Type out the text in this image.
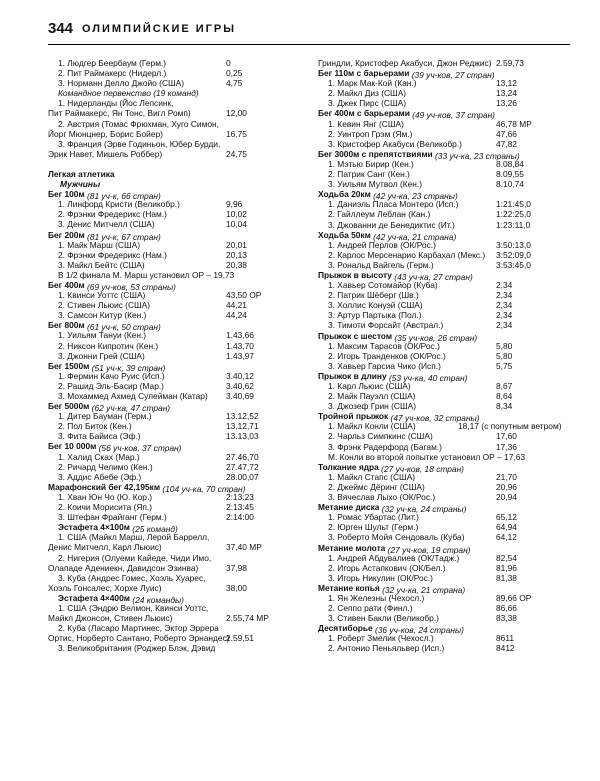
344 ОЛИМПИЙСКИЕ ИГРЫ
1. Людгер Беербаум (Герм.)	0
2. Пит Раймакерс (Нидерл.)	0,25
3. Норманн Делло Джойо (США)	4,75
Командное первенство (19 команд)
1. Нидерланды (Йос Лепсинк,
Пит Раймакерс, Ян Тонс, Вигл Ромп)	12,00
2. Австрия (Томас Фрюхман, Хуго Симон,
Йорг Мюнцнер, Борис Бойер)	16,75
3. Франция (Эрве Годиньон, Юбер Бурди,
Эрик Навет, Мишель Роббер)	24,75
Легкая атлетика
Мужчины
Бег 100м (81 уч-к, 66 стран)
1. Линфорд Кристи (Великобр.)	9,96
2. Фрэнки Фредерикс (Нам.)	10,02
3. Денис Митчелл (США)	10,04
Бег 200м (81 уч-к, 67 стран)
1. Майк Марш (США)	20,01
2. Фрэнки Фредерикс (Нам.)	20,13
3. Майкл Бейтс (США)	20,38
В 1/2 финала М. Марш установил ОР – 19,73
Бег 400м (69 уч-ков, 53 страны)
1. Квинси Уоттс (США)	43,50 ОР
2. Стивен Льюис (США)	44,21
3. Самсон Китур (Кен.)	44,24
Бег 800м (61 уч-к, 50 стран)
1. Уильям Тануи (Кен.)	1.43,66
2. Никсон Кипротич (Кен.)	1.43,70
3. Джонни Грей (США)	1.43,97
Бег 1500м (51 уч-к, 39 стран)
1. Фермин Качо Руис (Исп.)	3.40,12
2. Рашид Эль-Басир (Мар.)	3.40,62
3. Мохаммед Ахмед Сулейман (Катар) 3.40,69
Бег 5000м (62 уч-ка, 47 стран)
1. Дитер Бауман (Герм.)	13.12,52
2. Пол Биток (Кен.)	13.12,71
3. Фита Байиса (Эф.)	13.13,03
Бег 10 000м (56 уч-ков, 37 стран)
1. Халид Сках (Мар.)	27.46,70
2. Ричард Челимо (Кен.)	27.47,72
3. Аддис Абебе (Эф.)	28.00,07
Марафонский бег 42,195км (104 уч-ка, 70 стран)
1. Хван Юн Чо (Ю. Кор.)	2:13:23
2. Коичи Морисита (Яп.)	2:13:45
3. Штефан Фрайганг (Герм.)	2:14:00
Эстафета 4×100м (25 команд)
1. США (Майкл Марш, Лерой Баррелл,
Денис Митчелл, Карл Льюис)	37,40 МР
2. Нигерия (Олуеми Кайеде, Чиди Имо,
Олападе Адениекн, Давидсон Эзинва)	37,98
3. Куба (Андрес Гомес, Хоэль Хуарес,
Хоэль Гонсалес, Хорхе Луис)	38,00
Эстафета 4×400м (24 команды)
1. США (Эндрю Велмон, Квинси Уоттс,
Майкл Джонсон, Стивен Льюис)	2.55,74 МР
2. Куба (Ласаро Мартинес, Эктор Эррера
Ортис, Норберто Сантано, Роберто Эрнандес)
2.59,51
3. Великобритания (Роджер Блэк, Дэвид
Гриндли, Кристофер Акабуси, Джон Реджис) 2.59,73
Бег 110м с барьерами (39 уч-ков, 27 стран)
1. Марк Мак-Кой (Кан.)	13,12
2. Майкл Диз (США)	13,24
3. Джек Пирс (США)	13,26
Бег 400м с барьерами (49 уч-ков, 37 стран)
1. Кевин Янг (США)	46,78 МР
2. Уинтроп Грэм (Ям.)	47,66
3. Кристофер Акабуси (Великобр.)	47,82
Бег 3000м с препятствиями (33 уч-ка, 23 страны)
1. Мэтью Бирир (Кен.)	8.08,84
2. Патрик Санг (Кен.)	8.09,55
3. Уильям Мутвол (Кен.)	8.10,74
Ходьба 20км (42 уч-ка, 23 страны)
1. Даниэль Пласа Монтеро (Исп.)	1:21:45,0
2. Гайллеум Леблан (Кан.)	1:22:25,0
3. Джованни де Бенедиктис (Ит.)	1:23:11,0
Ходьба 50км (42 уч-ка, 21 страна)
1. Андрей Перлов (ОК/Рос.)	3:50:13,0
2. Карлос Мерсенарио Карбахал (Мекс.) 3:52:09,0
3. Рональд Вайгель (Герм.)	3:53:45,0
Прыжок в высоту (43 уч-ка, 27 стран)
1. Хавьер Сотомайор (Куба)	2,34
2. Патрик Шёберг (Шв.)	2,34
3. Холлис Конуэй (США)	2,34
3. Артур Партыка (Пол.)	2,34
3. Тимоти Форсайт (Австрал.)	2,34
Прыжок с шестом (35 уч-ков, 26 стран)
1. Максим Тарасов (ОК/Рос.)	5,80
2. Игорь Транденков (ОК/Рос.)	5,80
3. Хавьер Гарсиа Чико (Исп.)	5,75
Прыжок в длину (53 уч-ка, 40 стран)
1. Карл Льюис (США)	8,67
2. Майк Пауэлл (США)	8,64
3. Джозеф Грин (США)	8,34
Тройной прыжок (47 уч-ков, 32 страны)
1. Майкл Конли (США)	18,17 (с попутным ветром)
2. Чарльз Симпкинс (США)	17,60
3. Фрэнк Радерфорд (Багам.)	17,36
М. Конли во второй попытке установил ОР – 17,63
Толкание ядра (27 уч-ков, 18 стран)
1. Майкл Стапс (США)	21,70
2. Джеймс Дёринг (США)	20,96
3. Вячеслав Лыхо (ОК/Рос.)	20,94
Метание диска (32 уч-ка, 24 страны)
1. Ромас Убартас (Лит.)	65,12
2. Юрген Шульт (Герм.)	64,94
3. Роберто Мойя Сендоваль (Куба)	64,12
Метание молота (27 уч-ков, 19 стран)
1. Андрей Абдувалиев (ОК/Тадж.)	82,54
2. Игорь Астапкович (ОК/Бел.)	81,96
3. Игорь Никулин (ОК/Рос.)	81,38
Метание копья (32 уч-ка, 21 страна)
1. Ян Железны (Чехосл.)	89,66 ОР
2. Сеппо рати (Финл.)	86,66
3. Стивен Бакли (Великобр.)	83,38
Десятиборье (36 уч-ков, 24 страны)
1. Роберт Змелик (Чехосл.)	8611
2. Антонио Пеньяльвер (Исп.)	8412
